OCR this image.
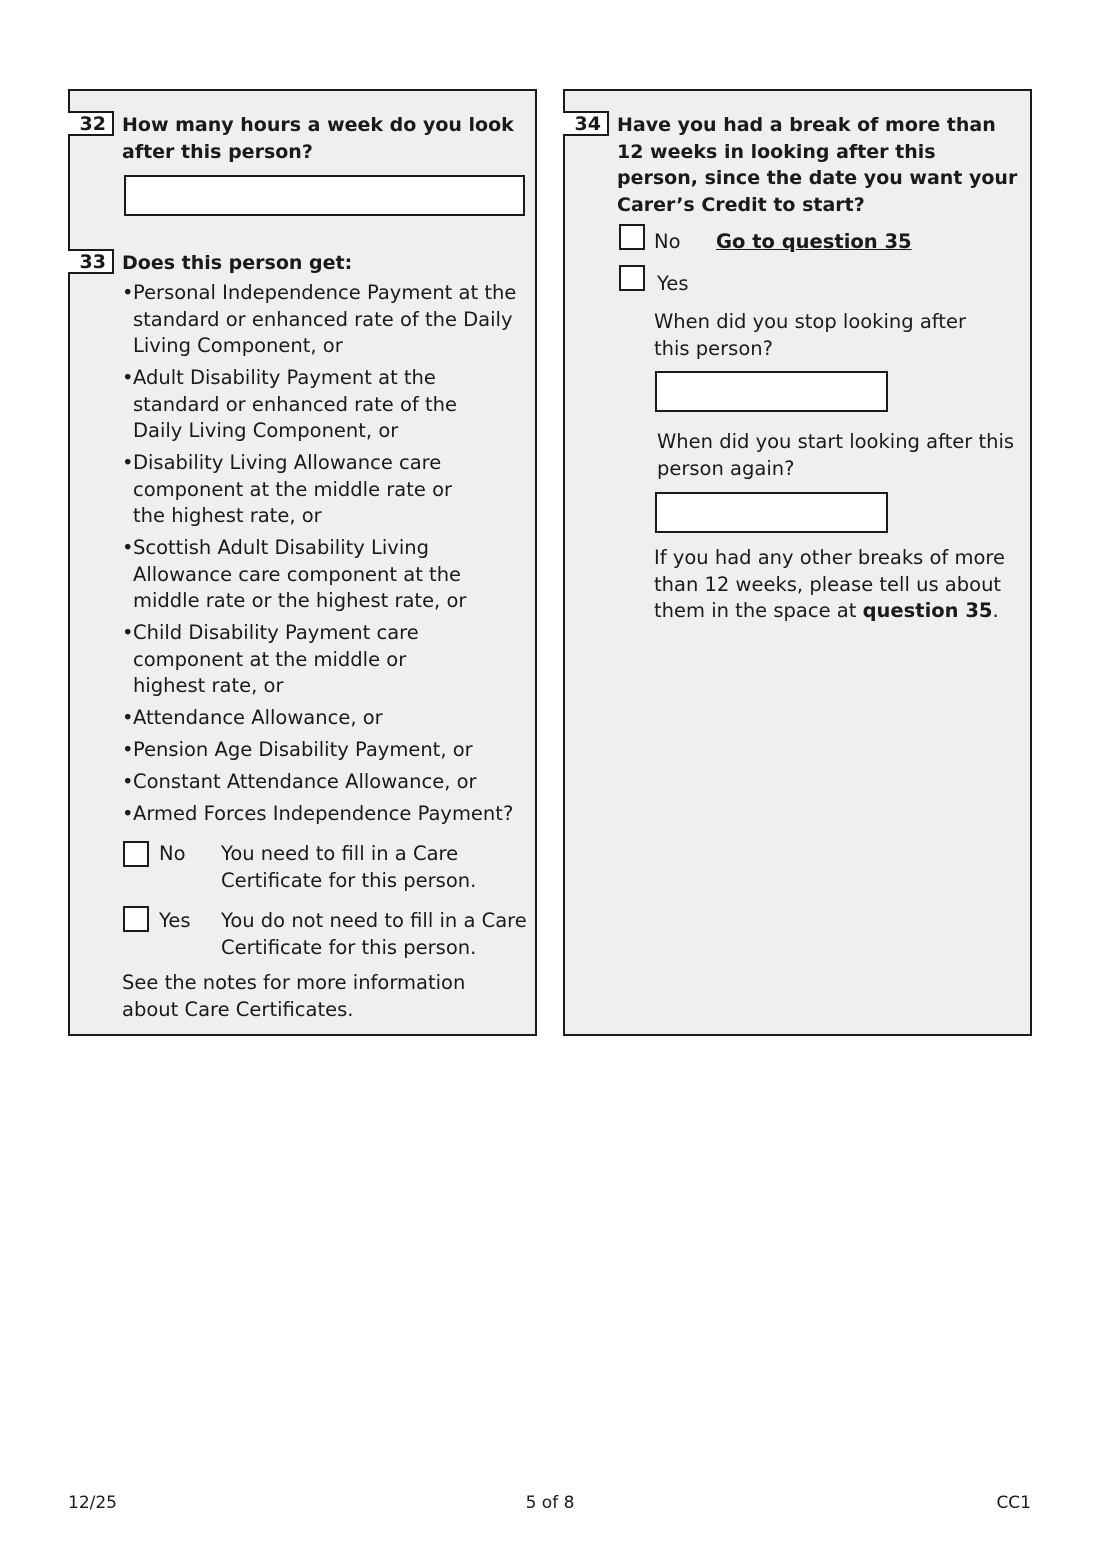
32 How many hours a week do you look after this person?

33 Does this person get:

• Personal Independence Payment at the standard or enhanced rate of the Daily Living Component, or
• Adult Disability Payment at the standard or enhanced rate of the Daily Living Component, or
• Disability Living Allowance care component at the middle rate or the highest rate, or
• Scottish Adult Disability Living Allowance care component at the middle rate or the highest rate, or
• Child Disability Payment care component at the middle or highest rate, or
• Attendance Allowance, or
• Pension Age Disability Payment, or
• Constant Attendance Allowance, or
• Armed Forces Independence Payment?
No You need to fill in a Care Certificate for this person.

Yes You do not need to fill in a Care Certificate for this person.

See the notes for more information about Care Certificates.

34 Have you had a break of more than 12 weeks in looking after this person, since the date you want your Carer’s Credit to start?

No Go to question 35
Yes

When did you stop looking after this person?

When did you start looking after this person again?

If you had any other breaks of more than 12 weeks, please tell us about them in the space at question 35.

12/25	5 of 8	CC1
